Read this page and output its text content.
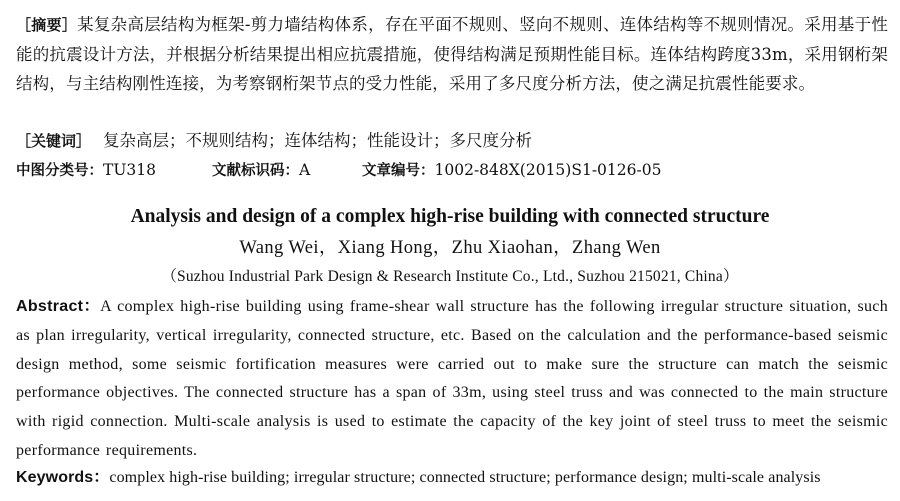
［摘要］某复杂高层结构为框架-剪力墙结构体系，存在平面不规则、竖向不规则、连体结构等不规则情况。采用基于性能的抗震设计方法，并根据分析结果提出相应抗震措施，使得结构满足预期性能目标。连体结构跨度33m，采用钢桁架结构，与主结构刚性连接，为考察钢桁架节点的受力性能，采用了多尺度分析方法，使之满足抗震性能要求。
［关键词］ 复杂高层；不规则结构；连体结构；性能设计；多尺度分析
中图分类号：TU318	文献标识码：A	文章编号：1002-848X(2015)S1-0126-05
Analysis and design of a complex high-rise building with connected structure
Wang Wei，Xiang Hong，Zhu Xiaohan，Zhang Wen
（Suzhou Industrial Park Design & Research Institute Co., Ltd., Suzhou 215021, China）
Abstract：A complex high-rise building using frame-shear wall structure has the following irregular structure situation, such as plan irregularity, vertical irregularity, connected structure, etc. Based on the calculation and the performance-based seismic design method, some seismic fortification measures were carried out to make sure the structure can match the seismic performance objectives. The connected structure has a span of 33m, using steel truss and was connected to the main structure with rigid connection. Multi-scale analysis is used to estimate the capacity of the key joint of steel truss to meet the seismic performance requirements.
Keywords：complex high-rise building; irregular structure; connected structure; performance design; multi-scale analysis
